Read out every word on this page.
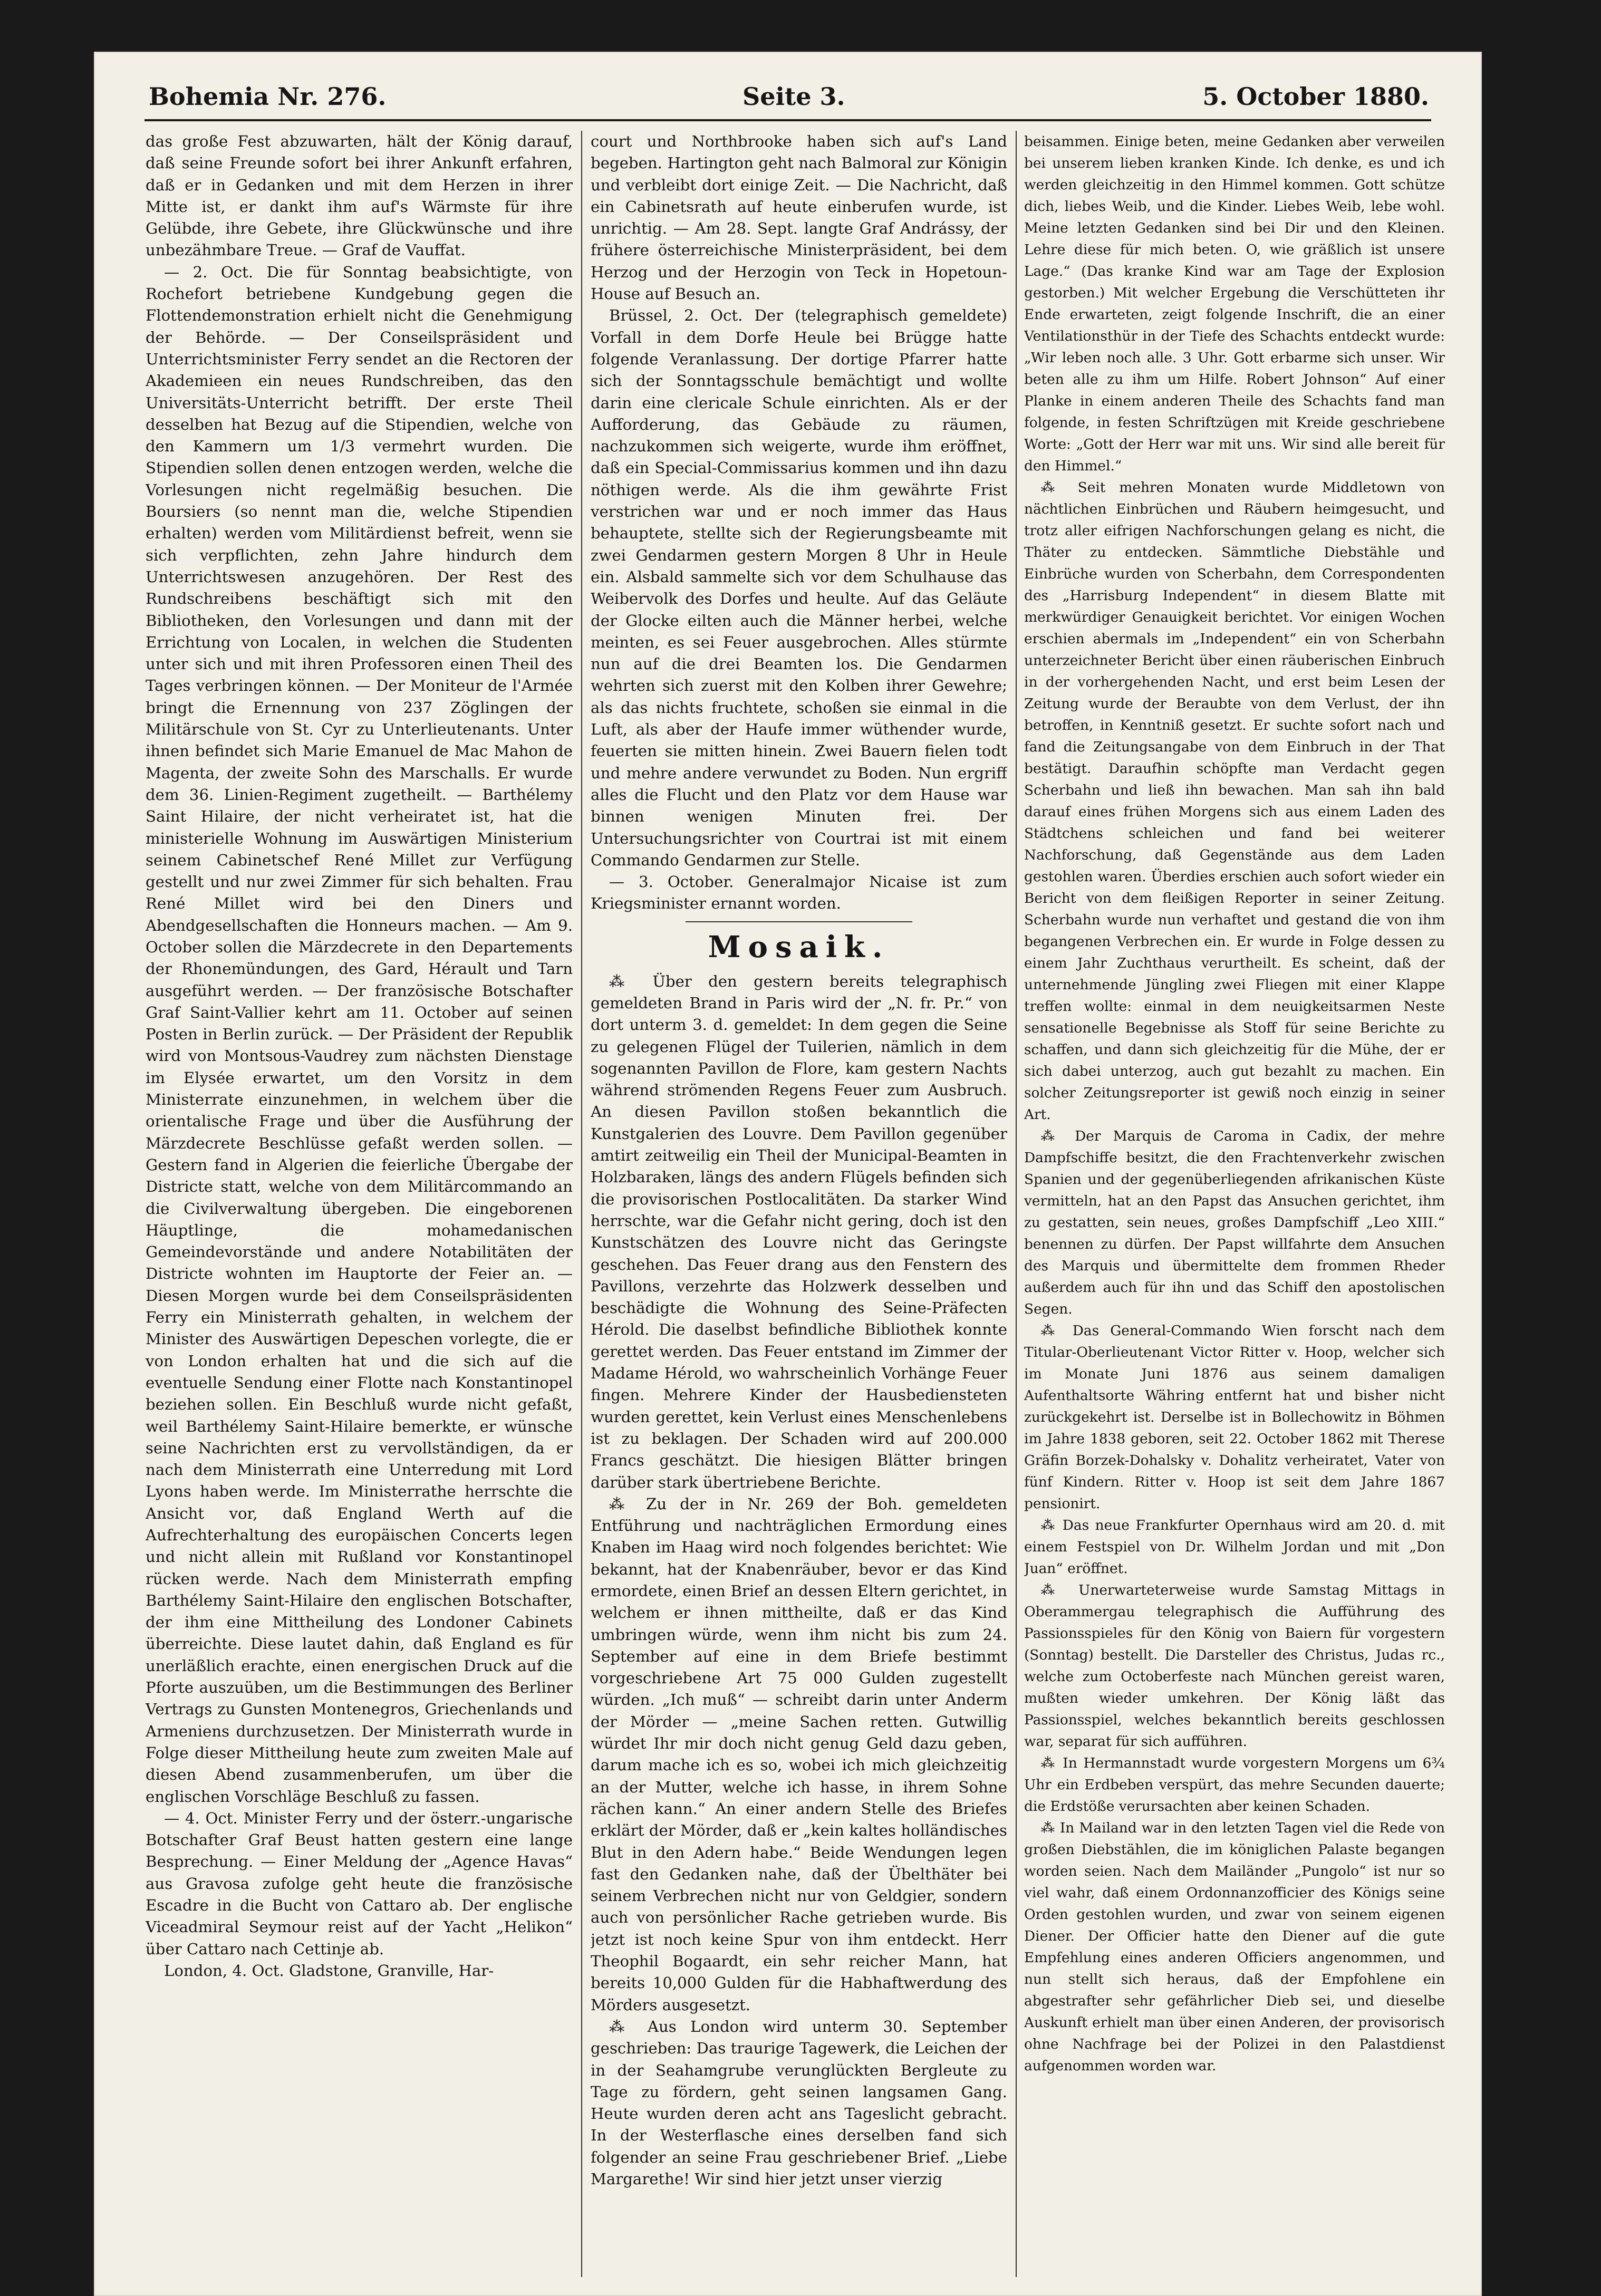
Bohemia Nr. 276.	Seite 3.	5. October 1880.

das große Fest abzuwarten, hält der König darauf, daß seine Freunde sofort bei ihrer Ankunft erfahren, daß er in Gedanken und mit dem Herzen in ihrer Mitte ist, er dankt ihm auf's Wärmste für ihre Gelübde, ihre Gebete, ihre Glückwünsche und ihre unbezähmbare Treue. — Graf de Vauffat.

— 2. Oct. Die für Sonntag beabsichtigte, von Rochefort betriebene Kundgebung gegen die Flottendemonstration erhielt nicht die Genehmigung der Behörde. — Der Conseilspräsident und Unterrichtsminister Ferry sendet an die Rectoren der Akademieen ein neues Rundschreiben, das den Universitäts-Unterricht betrifft. Der erste Theil desselben hat Bezug auf die Stipendien, welche von den Kammern um 1/3 vermehrt wurden. Die Stipendien sollen denen entzogen werden, welche die Vorlesungen nicht regelmäßig besuchen. Die Boursiers (so nennt man die, welche Stipendien erhalten) werden vom Militärdienst befreit, wenn sie sich verpflichten, zehn Jahre hindurch dem Unterrichtswesen anzugehören. Der Rest des Rundschreibens beschäftigt sich mit den Bibliotheken, den Vorlesungen und dann mit der Errichtung von Localen, in welchen die Studenten unter sich und mit ihren Professoren einen Theil des Tages verbringen können. — Der Moniteur de l'Armée bringt die Ernennung von 237 Zöglingen der Militärschule von St. Cyr zu Unterlieutenants. Unter ihnen befindet sich Marie Emanuel de Mac Mahon de Magenta, der zweite Sohn des Marschalls. Er wurde dem 36. Linien-Regiment zugetheilt. — Barthélemy Saint Hilaire, der nicht verheiratet ist, hat die ministerielle Wohnung im Auswärtigen Ministerium seinem Cabinetschef René Millet zur Verfügung gestellt und nur zwei Zimmer für sich behalten. Frau René Millet wird bei den Diners und Abendgesellschaften die Honneurs machen. — Am 9. October sollen die Märzdecrete in den Departements der Rhonemündungen, des Gard, Hérault und Tarn ausgeführt werden. — Der französische Botschafter Graf Saint-Vallier kehrt am 11. October auf seinen Posten in Berlin zurück. — Der Präsident der Republik wird von Montsous-Vaudrey zum nächsten Dienstage im Elysée erwartet, um den Vorsitz in dem Ministerrate einzunehmen, in welchem über die orientalische Frage und über die Ausführung der Märzdecrete Beschlüsse gefaßt werden sollen. — Gestern fand in Algerien die feierliche Übergabe der Districte statt, welche von dem Militärcommando an die Civilverwaltung übergeben. Die eingeborenen Häuptlinge, die mohamedanischen Gemeindevorstände und andere Notabilitäten der Districte wohnten im Hauptorte der Feier an. — Diesen Morgen wurde bei dem Conseilspräsidenten Ferry ein Ministerrath gehalten, in welchem der Minister des Auswärtigen Depeschen vorlegte, die er von London erhalten hat und die sich auf die eventuelle Sendung einer Flotte nach Konstantinopel beziehen sollen. Ein Beschluß wurde nicht gefaßt, weil Barthélemy Saint-Hilaire bemerkte, er wünsche seine Nachrichten erst zu vervollständigen, da er nach dem Ministerrath eine Unterredung mit Lord Lyons haben werde. Im Ministerrathe herrschte die Ansicht vor, daß England Werth auf die Aufrechterhaltung des europäischen Concerts legen und nicht allein mit Rußland vor Konstantinopel rücken werde. Nach dem Ministerrath empfing Barthélemy Saint-Hilaire den englischen Botschafter, der ihm eine Mittheilung des Londoner Cabinets überreichte. Diese lautet dahin, daß England es für unerläßlich erachte, einen energischen Druck auf die Pforte auszuüben, um die Bestimmungen des Berliner Vertrags zu Gunsten Montenegros, Griechenlands und Armeniens durchzusetzen. Der Ministerrath wurde in Folge dieser Mittheilung heute zum zweiten Male auf diesen Abend zusammenberufen, um über die englischen Vorschläge Beschluß zu fassen.

— 4. Oct. Minister Ferry und der österr.-ungarische Botschafter Graf Beust hatten gestern eine lange Besprechung. — Einer Meldung der „Agence Havas“ aus Gravosa zufolge geht heute die französische Escadre in die Bucht von Cattaro ab. Der englische Viceadmiral Seymour reist auf der Yacht „Helikon“ über Cattaro nach Cettinje ab.

London, 4. Oct. Gladstone, Granville, Har-

court und Northbrooke haben sich auf's Land begeben. Hartington geht nach Balmoral zur Königin und verbleibt dort einige Zeit. — Die Nachricht, daß ein Cabinetsrath auf heute einberufen wurde, ist unrichtig. — Am 28. Sept. langte Graf Andrássy, der frühere österreichische Ministerpräsident, bei dem Herzog und der Herzogin von Teck in Hopetoun-House auf Besuch an.

Brüssel, 2. Oct. Der (telegraphisch gemeldete) Vorfall in dem Dorfe Heule bei Brügge hatte folgende Veranlassung. Der dortige Pfarrer hatte sich der Sonntagsschule bemächtigt und wollte darin eine clericale Schule einrichten. Als er der Aufforderung, das Gebäude zu räumen, nachzukommen sich weigerte, wurde ihm eröffnet, daß ein Special-Commissarius kommen und ihn dazu nöthigen werde. Als die ihm gewährte Frist verstrichen war und er noch immer das Haus behauptete, stellte sich der Regierungsbeamte mit zwei Gendarmen gestern Morgen 8 Uhr in Heule ein. Alsbald sammelte sich vor dem Schulhause das Weibervolk des Dorfes und heulte. Auf das Geläute der Glocke eilten auch die Männer herbei, welche meinten, es sei Feuer ausgebrochen. Alles stürmte nun auf die drei Beamten los. Die Gendarmen wehrten sich zuerst mit den Kolben ihrer Gewehre; als das nichts fruchtete, schoßen sie einmal in die Luft, als aber der Haufe immer wüthender wurde, feuerten sie mitten hinein. Zwei Bauern fielen todt und mehre andere verwundet zu Boden. Nun ergriff alles die Flucht und den Platz vor dem Hause war binnen wenigen Minuten frei. Der Untersuchungsrichter von Courtrai ist mit einem Commando Gendarmen zur Stelle.

— 3. October. Generalmajor Nicaise ist zum Kriegsminister ernannt worden.

Mosaik.

⁂ Über den gestern bereits telegraphisch gemeldeten Brand in Paris wird der „N. fr. Pr.“ von dort unterm 3. d. gemeldet: In dem gegen die Seine zu gelegenen Flügel der Tuilerien, nämlich in dem sogenannten Pavillon de Flore, kam gestern Nachts während strömenden Regens Feuer zum Ausbruch. An diesen Pavillon stoßen bekanntlich die Kunstgalerien des Louvre. Dem Pavillon gegenüber amtirt zeitweilig ein Theil der Municipal-Beamten in Holzbaraken, längs des andern Flügels befinden sich die provisorischen Postlocalitäten. Da starker Wind herrschte, war die Gefahr nicht gering, doch ist den Kunstschätzen des Louvre nicht das Geringste geschehen. Das Feuer drang aus den Fenstern des Pavillons, verzehrte das Holzwerk desselben und beschädigte die Wohnung des Seine-Präfecten Hérold. Die daselbst befindliche Bibliothek konnte gerettet werden. Das Feuer entstand im Zimmer der Madame Hérold, wo wahrscheinlich Vorhänge Feuer fingen. Mehrere Kinder der Hausbediensteten wurden gerettet, kein Verlust eines Menschenlebens ist zu beklagen. Der Schaden wird auf 200.000 Francs geschätzt. Die hiesigen Blätter bringen darüber stark übertriebene Berichte.

⁂ Zu der in Nr. 269 der Boh. gemeldeten Entführung und nachträglichen Ermordung eines Knaben im Haag wird noch folgendes berichtet: Wie bekannt, hat der Knabenräuber, bevor er das Kind ermordete, einen Brief an dessen Eltern gerichtet, in welchem er ihnen mittheilte, daß er das Kind umbringen würde, wenn ihm nicht bis zum 24. September auf eine in dem Briefe bestimmt vorgeschriebene Art 75 000 Gulden zugestellt würden. „Ich muß“ — schreibt darin unter Anderm der Mörder — „meine Sachen retten. Gutwillig würdet Ihr mir doch nicht genug Geld dazu geben, darum mache ich es so, wobei ich mich gleichzeitig an der Mutter, welche ich hasse, in ihrem Sohne rächen kann.“ An einer andern Stelle des Briefes erklärt der Mörder, daß er „kein kaltes holländisches Blut in den Adern habe.“ Beide Wendungen legen fast den Gedanken nahe, daß der Übelthäter bei seinem Verbrechen nicht nur von Geldgier, sondern auch von persönlicher Rache getrieben wurde. Bis jetzt ist noch keine Spur von ihm entdeckt. Herr Theophil Bogaardt, ein sehr reicher Mann, hat bereits 10,000 Gulden für die Habhaftwerdung des Mörders ausgesetzt.

⁂ Aus London wird unterm 30. September geschrieben: Das traurige Tagewerk, die Leichen der in der Seahamgrube verunglückten Bergleute zu Tage zu fördern, geht seinen langsamen Gang. Heute wurden deren acht ans Tageslicht gebracht. In der Westerflasche eines derselben fand sich folgender an seine Frau geschriebener Brief. „Liebe Margarethe! Wir sind hier jetzt unser vierzig

beisammen. Einige beten, meine Gedanken aber verweilen bei unserem lieben kranken Kinde. Ich denke, es und ich werden gleichzeitig in den Himmel kommen. Gott schütze dich, liebes Weib, und die Kinder. Liebes Weib, lebe wohl. Meine letzten Gedanken sind bei Dir und den Kleinen. Lehre diese für mich beten. O, wie gräßlich ist unsere Lage.“ (Das kranke Kind war am Tage der Explosion gestorben.) Mit welcher Ergebung die Verschütteten ihr Ende erwarteten, zeigt folgende Inschrift, die an einer Ventilationsthür in der Tiefe des Schachts entdeckt wurde: „Wir leben noch alle. 3 Uhr. Gott erbarme sich unser. Wir beten alle zu ihm um Hilfe. Robert Johnson“ Auf einer Planke in einem anderen Theile des Schachts fand man folgende, in festen Schriftzügen mit Kreide geschriebene Worte: „Gott der Herr war mit uns. Wir sind alle bereit für den Himmel.“

⁂ Seit mehren Monaten wurde Middletown von nächtlichen Einbrüchen und Räubern heimgesucht, und trotz aller eifrigen Nachforschungen gelang es nicht, die Thäter zu entdecken. Sämmtliche Diebstähle und Einbrüche wurden von Scherbahn, dem Correspondenten des „Harrisburg Independent“ in diesem Blatte mit merkwürdiger Genauigkeit berichtet. Vor einigen Wochen erschien abermals im „Independent“ ein von Scherbahn unterzeichneter Bericht über einen räuberischen Einbruch in der vorhergehenden Nacht, und erst beim Lesen der Zeitung wurde der Beraubte von dem Verlust, der ihn betroffen, in Kenntniß gesetzt. Er suchte sofort nach und fand die Zeitungsangabe von dem Einbruch in der That bestätigt. Daraufhin schöpfte man Verdacht gegen Scherbahn und ließ ihn bewachen. Man sah ihn bald darauf eines frühen Morgens sich aus einem Laden des Städtchens schleichen und fand bei weiterer Nachforschung, daß Gegenstände aus dem Laden gestohlen waren. Überdies erschien auch sofort wieder ein Bericht von dem fleißigen Reporter in seiner Zeitung. Scherbahn wurde nun verhaftet und gestand die von ihm begangenen Verbrechen ein. Er wurde in Folge dessen zu einem Jahr Zuchthaus verurtheilt. Es scheint, daß der unternehmende Jüngling zwei Fliegen mit einer Klappe treffen wollte: einmal in dem neuigkeitsarmen Neste sensationelle Begebnisse als Stoff für seine Berichte zu schaffen, und dann sich gleichzeitig für die Mühe, der er sich dabei unterzog, auch gut bezahlt zu machen. Ein solcher Zeitungsreporter ist gewiß noch einzig in seiner Art.

⁂ Der Marquis de Caroma in Cadix, der mehre Dampfschiffe besitzt, die den Frachtenverkehr zwischen Spanien und der gegenüberliegenden afrikanischen Küste vermitteln, hat an den Papst das Ansuchen gerichtet, ihm zu gestatten, sein neues, großes Dampfschiff „Leo XIII.“ benennen zu dürfen. Der Papst willfahrte dem Ansuchen des Marquis und übermittelte dem frommen Rheder außerdem auch für ihn und das Schiff den apostolischen Segen.

⁂ Das General-Commando Wien forscht nach dem Titular-Oberlieutenant Victor Ritter v. Hoop, welcher sich im Monate Juni 1876 aus seinem damaligen Aufenthaltsorte Währing entfernt hat und bisher nicht zurückgekehrt ist. Derselbe ist in Bollechowitz in Böhmen im Jahre 1838 geboren, seit 22. October 1862 mit Therese Gräfin Borzek-Dohalsky v. Dohalitz verheiratet, Vater von fünf Kindern. Ritter v. Hoop ist seit dem Jahre 1867 pensionirt.

⁂ Das neue Frankfurter Opernhaus wird am 20. d. mit einem Festspiel von Dr. Wilhelm Jordan und mit „Don Juan“ eröffnet.

⁂ Unerwarteterweise wurde Samstag Mittags in Oberammergau telegraphisch die Aufführung des Passionsspieles für den König von Baiern für vorgestern (Sonntag) bestellt. Die Darsteller des Christus, Judas rc., welche zum Octoberfeste nach München gereist waren, mußten wieder umkehren. Der König läßt das Passionsspiel, welches bekanntlich bereits geschlossen war, separat für sich aufführen.

⁂ In Hermannstadt wurde vorgestern Morgens um 6¾ Uhr ein Erdbeben verspürt, das mehre Secunden dauerte; die Erdstöße verursachten aber keinen Schaden.

⁂ In Mailand war in den letzten Tagen viel die Rede von großen Diebstählen, die im königlichen Palaste begangen worden seien. Nach dem Mailänder „Pungolo“ ist nur so viel wahr, daß einem Ordonnanzofficier des Königs seine Orden gestohlen wurden, und zwar von seinem eigenen Diener. Der Officier hatte den Diener auf die gute Empfehlung eines anderen Officiers angenommen, und nun stellt sich heraus, daß der Empfohlene ein abgestrafter sehr gefährlicher Dieb sei, und dieselbe Auskunft erhielt man über einen Anderen, der provisorisch ohne Nachfrage bei der Polizei in den Palastdienst aufgenommen worden war.
